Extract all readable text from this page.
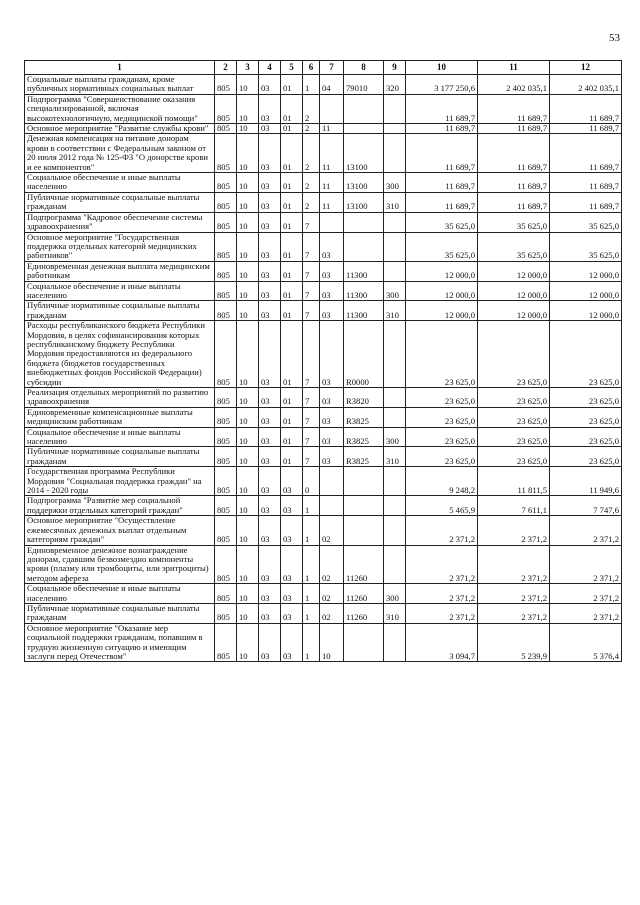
53
1	2	3	4	5	6	7	8	9	10	11	12
Социальные выплаты гражданам, кроме публичных нормативных социальных выплат	805	10	03	01	1	04	79010	320	3 177 250,6	2 402 035,1	2 402 035,1
Подпрограмма "Совершенствование оказания специализированной, включая высокотехнологичную, медицинской помощи"	805	10	03	01	2				11 689,7	11 689,7	11 689,7
Основное мероприятие "Развитие службы крови"	805	10	03	01	2	11			11 689,7	11 689,7	11 689,7
Денежная компенсация на питание донорам крови в соответствии с Федеральным законом от 20 июля 2012 года № 125-ФЗ "О донорстве крови и ее компонентов"	805	10	03	01	2	11	13100		11 689,7	11 689,7	11 689,7
Социальное обеспечение и иные выплаты населению	805	10	03	01	2	11	13100	300	11 689,7	11 689,7	11 689,7
Публичные нормативные социальные выплаты гражданам	805	10	03	01	2	11	13100	310	11 689,7	11 689,7	11 689,7
Подпрограмма "Кадровое обеспечение системы здравоохранения"	805	10	03	01	7				35 625,0	35 625,0	35 625,0
Основное мероприятие "Государственная поддержка отдельных категорий медицинских работников"	805	10	03	01	7	03			35 625,0	35 625,0	35 625,0
Единовременная денежная выплата медицинским работникам	805	10	03	01	7	03	11300		12 000,0	12 000,0	12 000,0
Социальное обеспечение и иные выплаты населению	805	10	03	01	7	03	11300	300	12 000,0	12 000,0	12 000,0
Публичные нормативные социальные выплаты гражданам	805	10	03	01	7	03	11300	310	12 000,0	12 000,0	12 000,0
Расходы республиканского бюджета Республики Мордовия, в целях софинансирования которых республиканскому бюджету Республики Мордовия предоставляются из федерального бюджета (бюджетов государственных внебюджетных фондов Российской Федерации) субсидии	805	10	03	01	7	03	R0000		23 625,0	23 625,0	23 625,0
Реализация отдельных мероприятий по развитию здравоохранения	805	10	03	01	7	03	R3820		23 625,0	23 625,0	23 625,0
Единовременные компенсационные выплаты медицинским работникам	805	10	03	01	7	03	R3825		23 625,0	23 625,0	23 625,0
Социальное обеспечение и иные выплаты населению	805	10	03	01	7	03	R3825	300	23 625,0	23 625,0	23 625,0
Публичные нормативные социальные выплаты гражданам	805	10	03	01	7	03	R3825	310	23 625,0	23 625,0	23 625,0
Государственная программа Республики Мордовия "Социальная поддержка граждан" на 2014 - 2020 годы	805	10	03	03	0				9 248,2	11 811,5	11 949,6
Подпрограмма "Развитие мер социальной поддержки отдельных категорий граждан"	805	10	03	03	1				5 465,9	7 611,1	7 747,6
Основное мероприятие "Осуществление ежемесячных денежных выплат отдельным категориям граждан"	805	10	03	03	1	02			2 371,2	2 371,2	2 371,2
Единовременное денежное вознаграждение донорам, сдавшим безвозмездно компоненты крови (плазму или тромбоциты, или эритроциты) методом афереза	805	10	03	03	1	02	11260		2 371,2	2 371,2	2 371,2
Социальное обеспечение и иные выплаты населению	805	10	03	03	1	02	11260	300	2 371,2	2 371,2	2 371,2
Публичные нормативные социальные выплаты гражданам	805	10	03	03	1	02	11260	310	2 371,2	2 371,2	2 371,2
Основное мероприятие "Оказание мер социальной поддержки гражданам, попавшим в трудную жизненную ситуацию и имеющим заслуги перед Отечеством"	805	10	03	03	1	10			3 094,7	5 239,9	5 376,4
